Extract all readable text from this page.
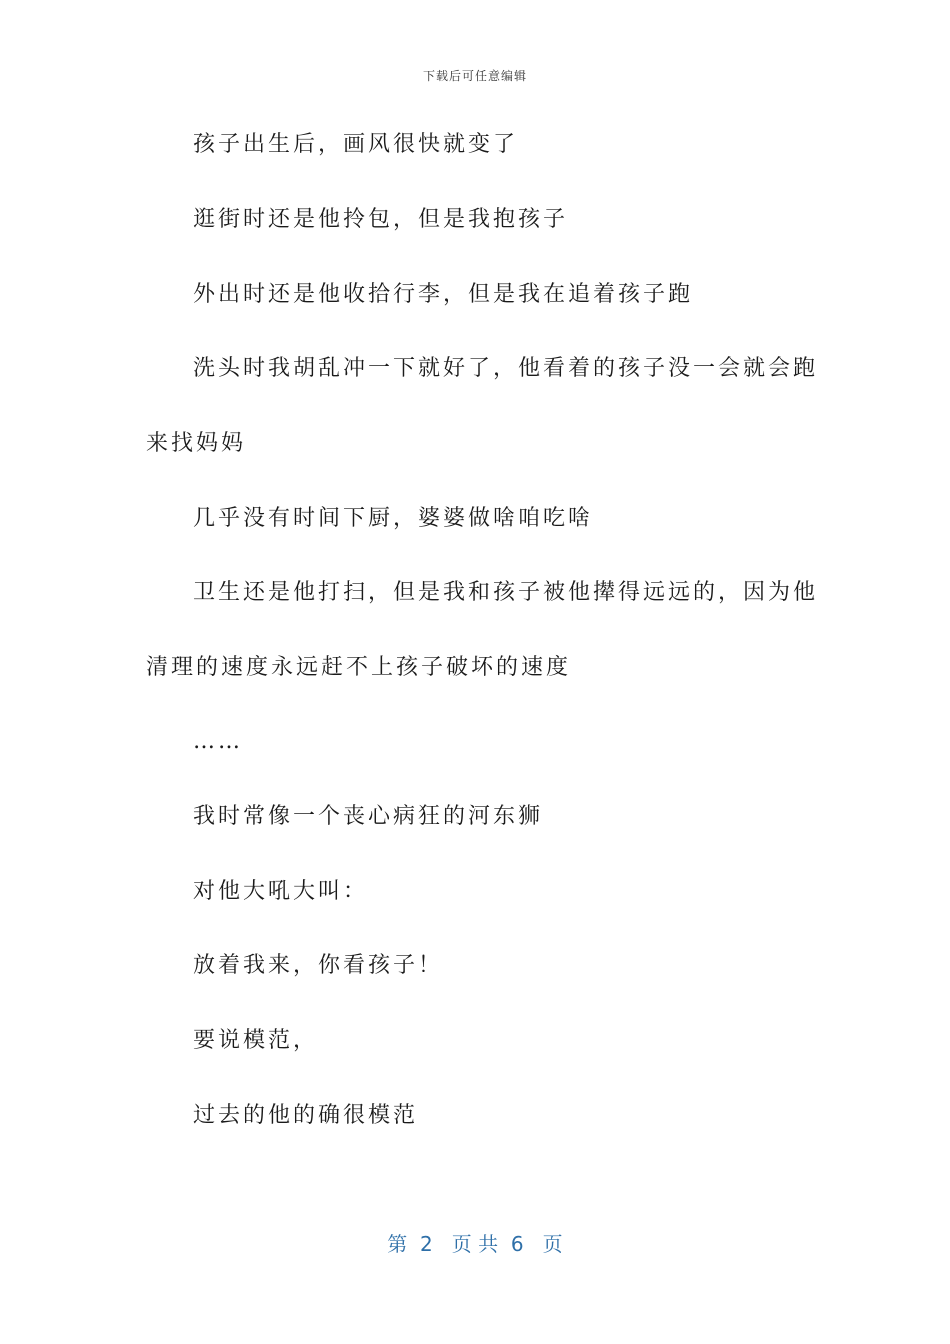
下载后可任意编辑
孩子出生后，画风很快就变了
逛街时还是他拎包，但是我抱孩子
外出时还是他收拾行李，但是我在追着孩子跑
洗头时我胡乱冲一下就好了，他看着的孩子没一会就会跑
来找妈妈
几乎没有时间下厨，婆婆做啥咱吃啥
卫生还是他打扫，但是我和孩子被他撵得远远的，因为他
清理的速度永远赶不上孩子破坏的速度
……
我时常像一个丧心病狂的河东狮
对他大吼大叫：
放着我来，你看孩子！
要说模范，
过去的他的确很模范
第  2   页 共  6   页
